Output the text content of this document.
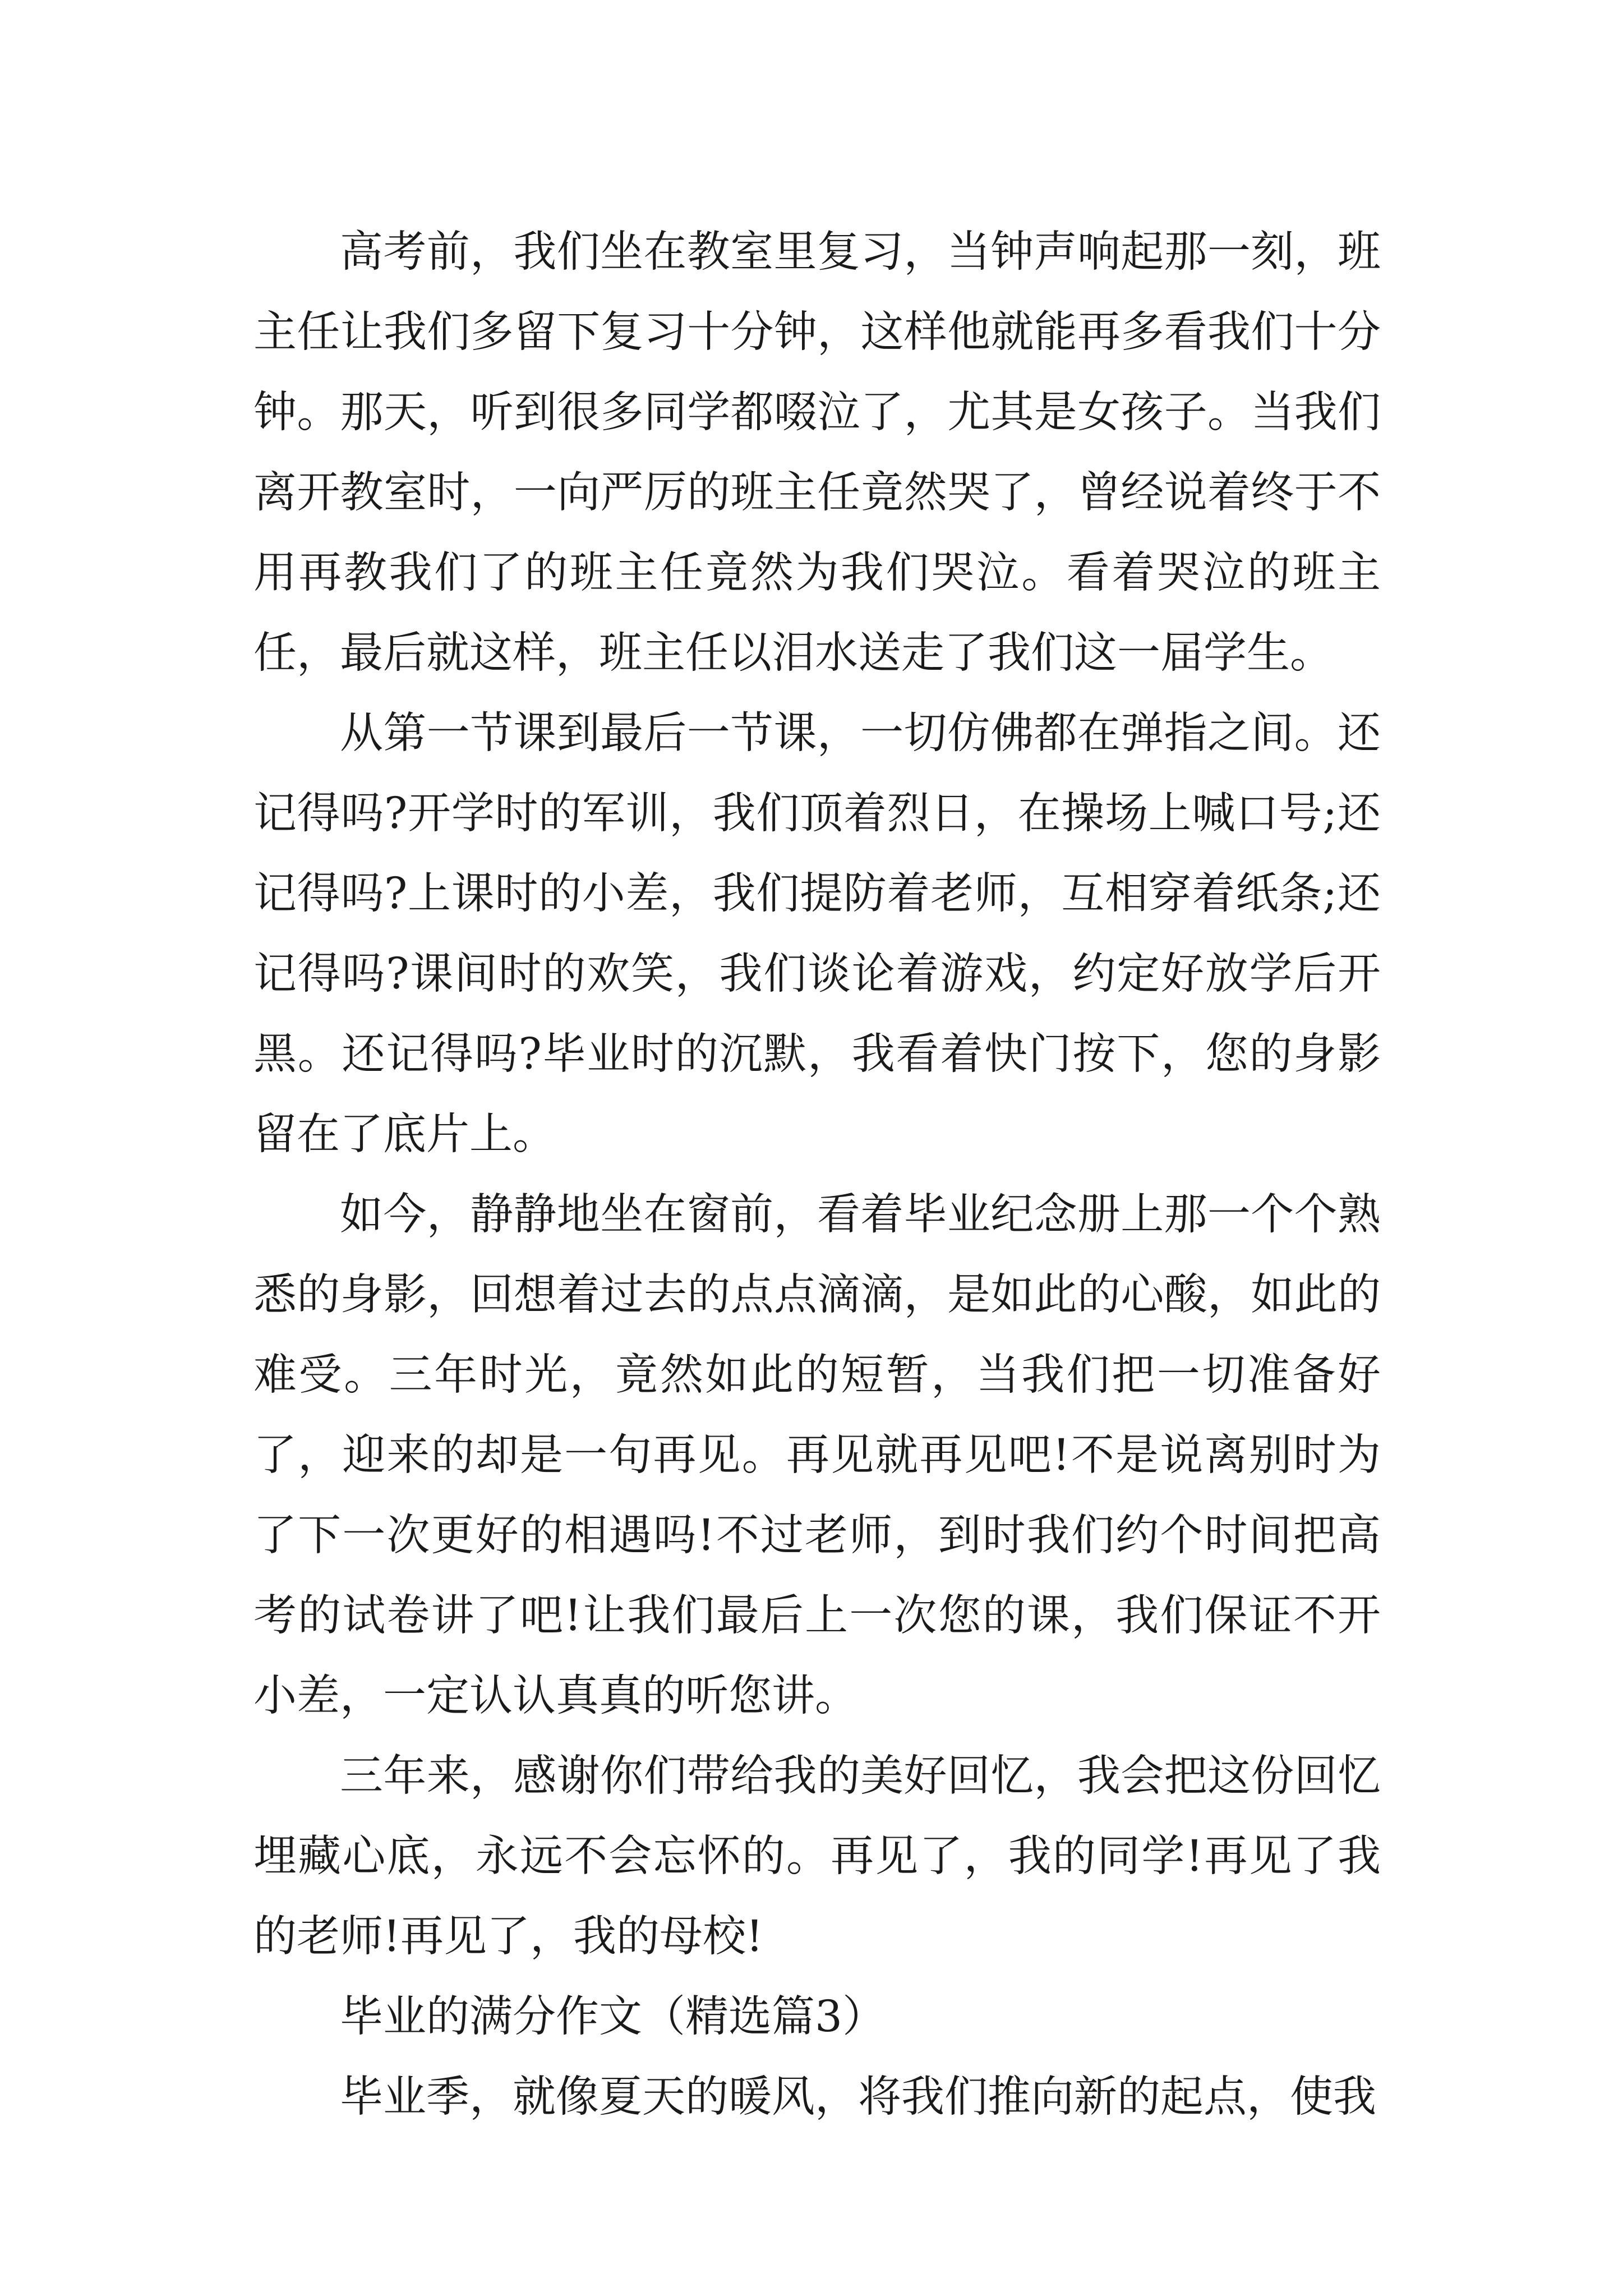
高考前，我们坐在教室里复习，当钟声响起那一刻，班主任让我们多留下复习十分钟，这样他就能再多看我们十分钟。那天，听到很多同学都啜泣了，尤其是女孩子。当我们离开教室时，一向严厉的班主任竟然哭了，曾经说着终于不用再教我们了的班主任竟然为我们哭泣。看着哭泣的班主任，最后就这样，班主任以泪水送走了我们这一届学生。

从第一节课到最后一节课，一切仿佛都在弹指之间。还记得吗?开学时的军训，我们顶着烈日，在操场上喊口号;还记得吗?上课时的小差，我们提防着老师，互相穿着纸条;还记得吗?课间时的欢笑，我们谈论着游戏，约定好放学后开黑。还记得吗?毕业时的沉默，我看着快门按下，您的身影留在了底片上。

如今，静静地坐在窗前，看着毕业纪念册上那一个个熟悉的身影，回想着过去的点点滴滴，是如此的心酸，如此的难受。三年时光，竟然如此的短暂，当我们把一切准备好了，迎来的却是一句再见。再见就再见吧!不是说离别时为了下一次更好的相遇吗!不过老师，到时我们约个时间把高考的试卷讲了吧!让我们最后上一次您的课，我们保证不开小差，一定认认真真的听您讲。

三年来，感谢你们带给我的美好回忆，我会把这份回忆埋藏心底，永远不会忘怀的。再见了，我的同学!再见了我的老师!再见了，我的母校!

毕业的满分作文（精选篇3）

毕业季，就像夏天的暖风，将我们推向新的起点，使我
